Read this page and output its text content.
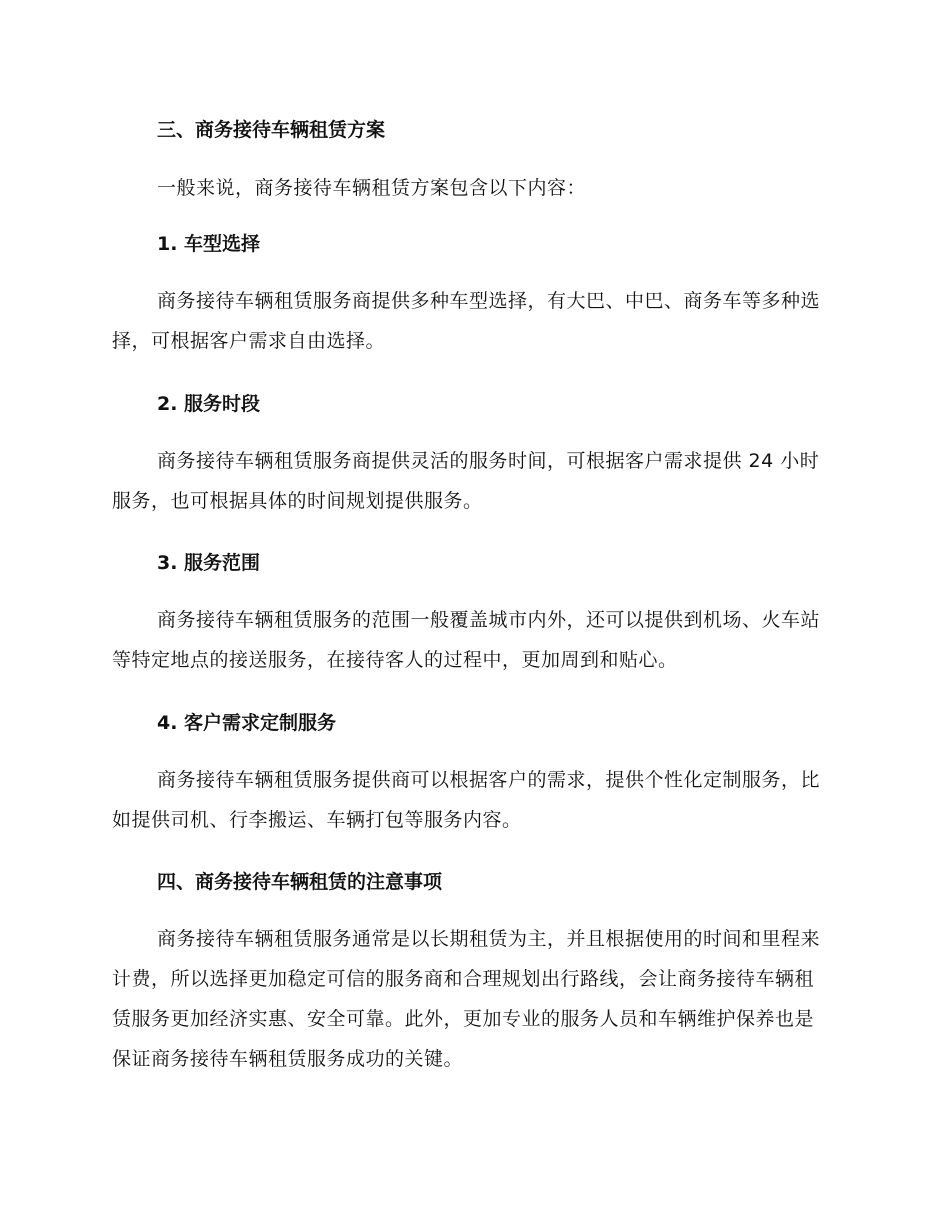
三、商务接待车辆租赁方案
一般来说，商务接待车辆租赁方案包含以下内容：
1. 车型选择
商务接待车辆租赁服务商提供多种车型选择，有大巴、中巴、商务车等多种选择，可根据客户需求自由选择。
2. 服务时段
商务接待车辆租赁服务商提供灵活的服务时间，可根据客户需求提供 24 小时服务，也可根据具体的时间规划提供服务。
3. 服务范围
商务接待车辆租赁服务的范围一般覆盖城市内外，还可以提供到机场、火车站等特定地点的接送服务，在接待客人的过程中，更加周到和贴心。
4. 客户需求定制服务
商务接待车辆租赁服务提供商可以根据客户的需求，提供个性化定制服务，比如提供司机、行李搬运、车辆打包等服务内容。
四、商务接待车辆租赁的注意事项
商务接待车辆租赁服务通常是以长期租赁为主，并且根据使用的时间和里程来计费，所以选择更加稳定可信的服务商和合理规划出行路线，会让商务接待车辆租赁服务更加经济实惠、安全可靠。此外，更加专业的服务人员和车辆维护保养也是保证商务接待车辆租赁服务成功的关键。
